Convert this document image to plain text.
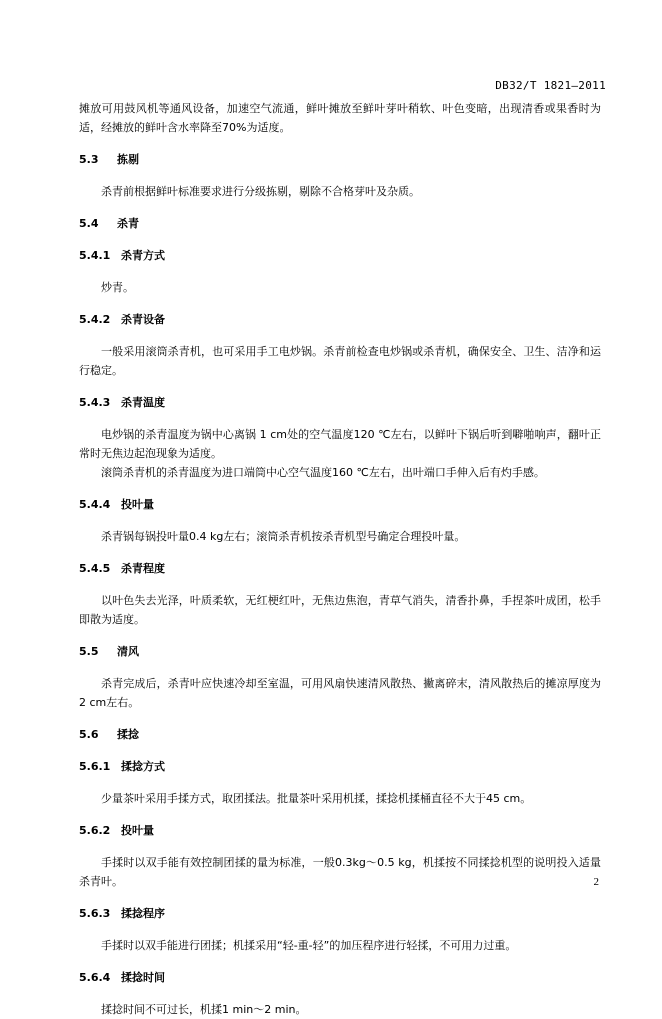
DB32/T 1821—2011

摊放可用鼓风机等通风设备，加速空气流通，鲜叶摊放至鲜叶芽叶稍软、叶色变暗，出现清香或果香时为适，经摊放的鲜叶含水率降至70%为适度。

5.3 拣剔

杀青前根据鲜叶标准要求进行分级拣剔，剔除不合格芽叶及杂质。

5.4 杀青

5.4.1 杀青方式

炒青。

5.4.2 杀青设备

一般采用滚筒杀青机，也可采用手工电炒锅。杀青前检查电炒锅或杀青机，确保安全、卫生、洁净和运行稳定。

5.4.3 杀青温度

电炒锅的杀青温度为锅中心离锅 1 cm处的空气温度120 ℃左右，以鲜叶下锅后听到噼啪响声，翻叶正常时无焦边起泡现象为适度。

滚筒杀青机的杀青温度为进口端筒中心空气温度160 ℃左右，出叶端口手伸入后有灼手感。

5.4.4 投叶量

杀青锅每锅投叶量0.4 kg左右；滚筒杀青机按杀青机型号确定合理投叶量。

5.4.5 杀青程度

以叶色失去光泽，叶质柔软，无红梗红叶，无焦边焦泡，青草气消失，清香扑鼻，手捏茶叶成团，松手即散为适度。

5.5 清风

杀青完成后，杀青叶应快速冷却至室温，可用风扇快速清风散热、撇离碎末，清风散热后的摊凉厚度为2 cm左右。

5.6 揉捻

5.6.1 揉捻方式

少量茶叶采用手揉方式，取团揉法。批量茶叶采用机揉，揉捻机揉桶直径不大于45 cm。

5.6.2 投叶量

手揉时以双手能有效控制团揉的量为标准，一般0.3kg～0.5 kg，机揉按不同揉捻机型的说明投入适量杀青叶。

5.6.3 揉捻程序

手揉时以双手能进行团揉；机揉采用“轻-重-轻”的加压程序进行轻揉，不可用力过重。

5.6.4 揉捻时间

揉捻时间不可过长，机揉1 min～2 min。

2
